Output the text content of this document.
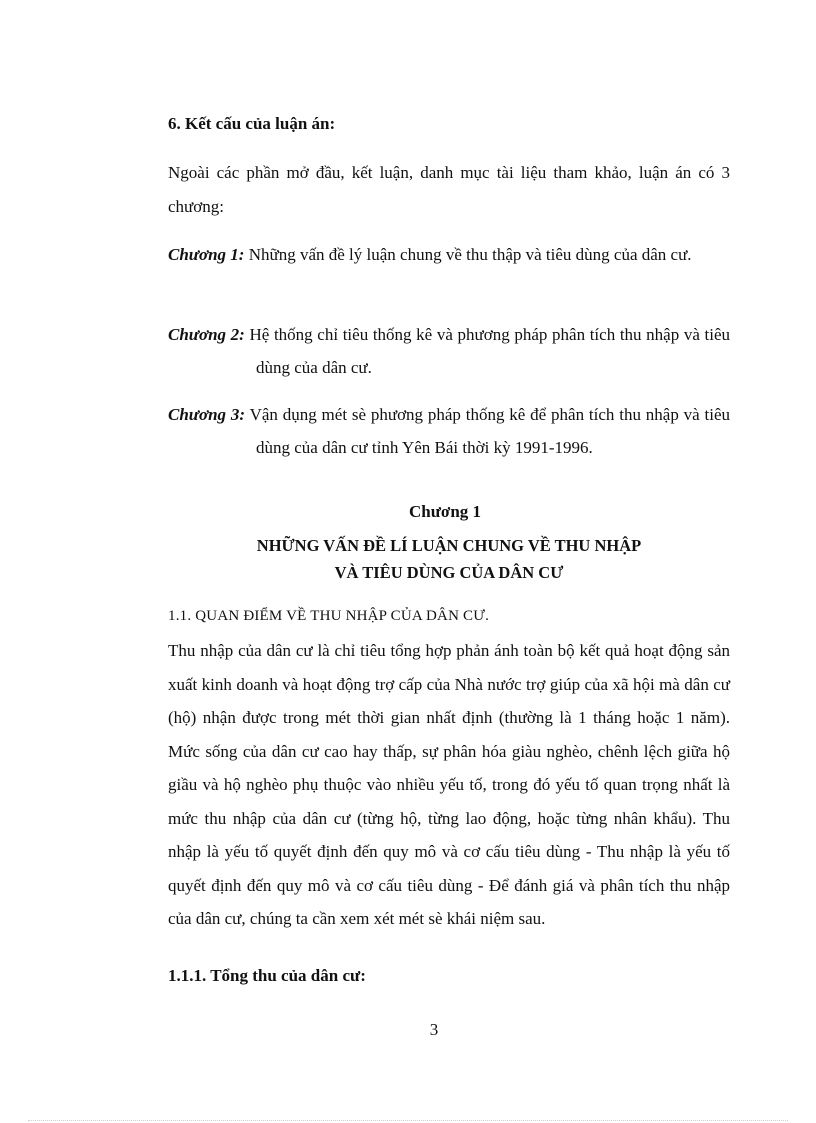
6. Kết cấu của luận án:
Ngoài các phần mở đầu, kết luận, danh mục tài liệu tham khảo, luận án có 3 chương:
Chương 1: Những vấn đề lý luận chung về thu thập và tiêu dùng của dân cư.
Chương 2: Hệ thống chỉ tiêu thống kê và phương pháp phân tích thu nhập và tiêu dùng của dân cư.
Chương 3: Vận dụng mét sè phương pháp thống kê để phân tích thu nhập và tiêu dùng của dân cư tỉnh Yên Bái thời kỳ 1991-1996.
Chương 1
NHỮNG VẤN ĐỀ LÍ LUẬN CHUNG VỀ THU NHẬP
VÀ TIÊU DÙNG CỦA DÂN CƯ
1.1. QUAN ĐIỂM VỀ THU NHẬP CỦA DÂN CƯ.
Thu nhập của dân cư là chỉ tiêu tổng hợp phản ánh toàn bộ kết quả hoạt động sản xuất kinh doanh và hoạt động trợ cấp của Nhà nước trợ giúp của xã hội mà dân cư (hộ) nhận được trong mét thời gian nhất định (thường là 1 tháng hoặc 1 năm). Mức sống của dân cư cao hay thấp, sự phân hóa giàu nghèo, chênh lệch giữa hộ giầu và hộ nghèo phụ thuộc vào nhiều yếu tố, trong đó yếu tố quan trọng nhất là mức thu nhập của dân cư (từng hộ, từng lao động, hoặc từng nhân khẩu). Thu nhập là yếu tố quyết định đến quy mô và cơ cấu tiêu dùng - Thu nhập là yếu tố quyết định đến quy mô và cơ cấu tiêu dùng - Để đánh giá và phân tích thu nhập của dân cư, chúng ta cần xem xét mét sè khái niệm sau.
1.1.1. Tổng thu của dân cư:
3
